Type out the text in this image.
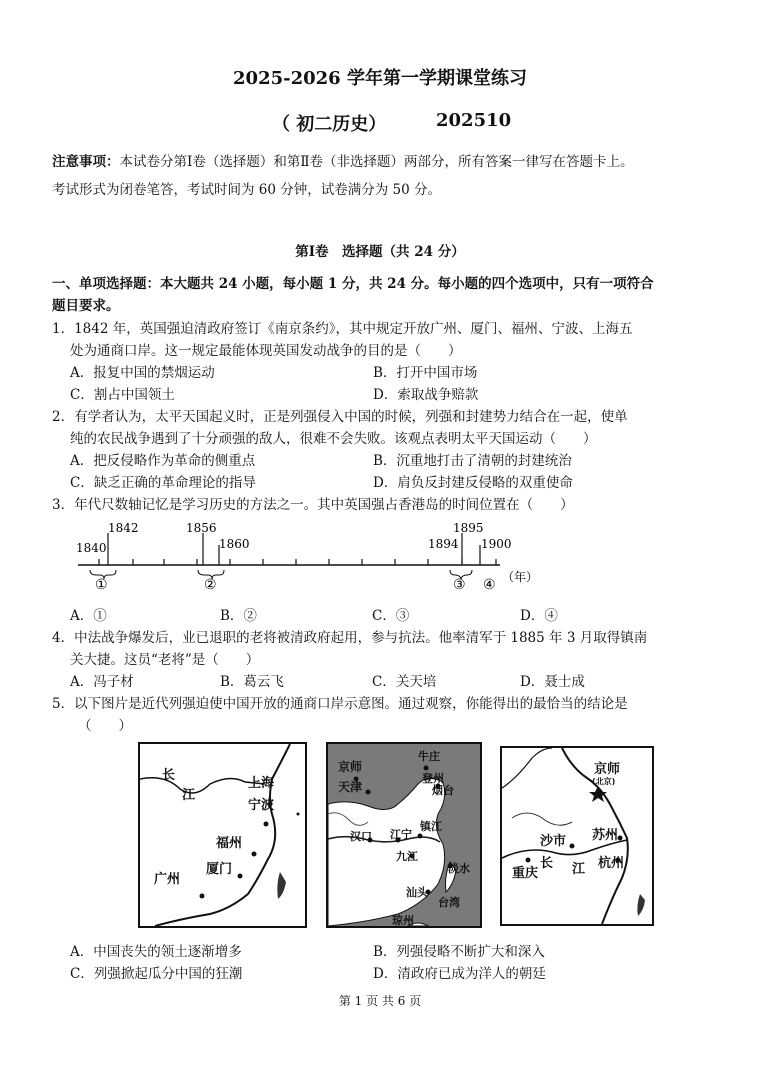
2025-2026 学年第一学期课堂练习
（ 初二历史）	202510
注意事项：本试卷分第Ⅰ卷（选择题）和第Ⅱ卷（非选择题）两部分，所有答案一律写在答题卡上。
考试形式为闭卷笔答，考试时间为 60 分钟，试卷满分为 50 分。
第Ⅰ卷　选择题（共 24 分）
一、单项选择题：本大题共 24 小题，每小题 1 分，共 24 分。每小题的四个选项中，只有一项符合
题目要求。
1．1842 年，英国强迫清政府签订《南京条约》，其中规定开放广州、厦门、福州、宁波、上海五
处为通商口岸。这一规定最能体现英国发动战争的目的是（　　）
A．报复中国的禁烟运动	B．打开中国市场
C．割占中国领土	D．索取战争赔款
2．有学者认为，太平天国起义时，正是列强侵入中国的时候，列强和封建势力结合在一起，使单
纯的农民战争遇到了十分顽强的敌人，很难不会失败。该观点表明太平天国运动（　　）
A．把反侵略作为革命的侧重点	B．沉重地打击了清朝的封建统治
C．缺乏正确的革命理论的指导	D．肩负反封建反侵略的双重使命
3．年代尺数轴记忆是学习历史的方法之一。其中英国强占香港岛的时间位置在（　　）
1840
1842	1856
1860	1894
1895
1900
①	②	③ ④ （年）
A．①	B．②	C．③	D．④
4．中法战争爆发后，业已退职的老将被清政府起用，参与抗法。他率清军于 1885 年 3 月取得镇南
关大捷。这员“老将”是（　　）
A．冯子材	B．葛云飞	C．关天培	D．聂士成
5．以下图片是近代列强迫使中国开放的通商口岸示意图。通过观察，你能得出的最恰当的结论是
（　　）
长
江
上海
宁波
福州
厦门
广州
京师
牛庄
登州
烟台
天津
镇江
汉口 江宁
九江
淡水
汕头
台湾
琼州
京师
(北京)
沙市 苏州
重庆
长 江 杭州
A．中国丧失的领土逐渐增多	B．列强侵略不断扩大和深入
C．列强掀起瓜分中国的狂潮	D．清政府已成为洋人的朝廷
第 1 页 共 6 页
